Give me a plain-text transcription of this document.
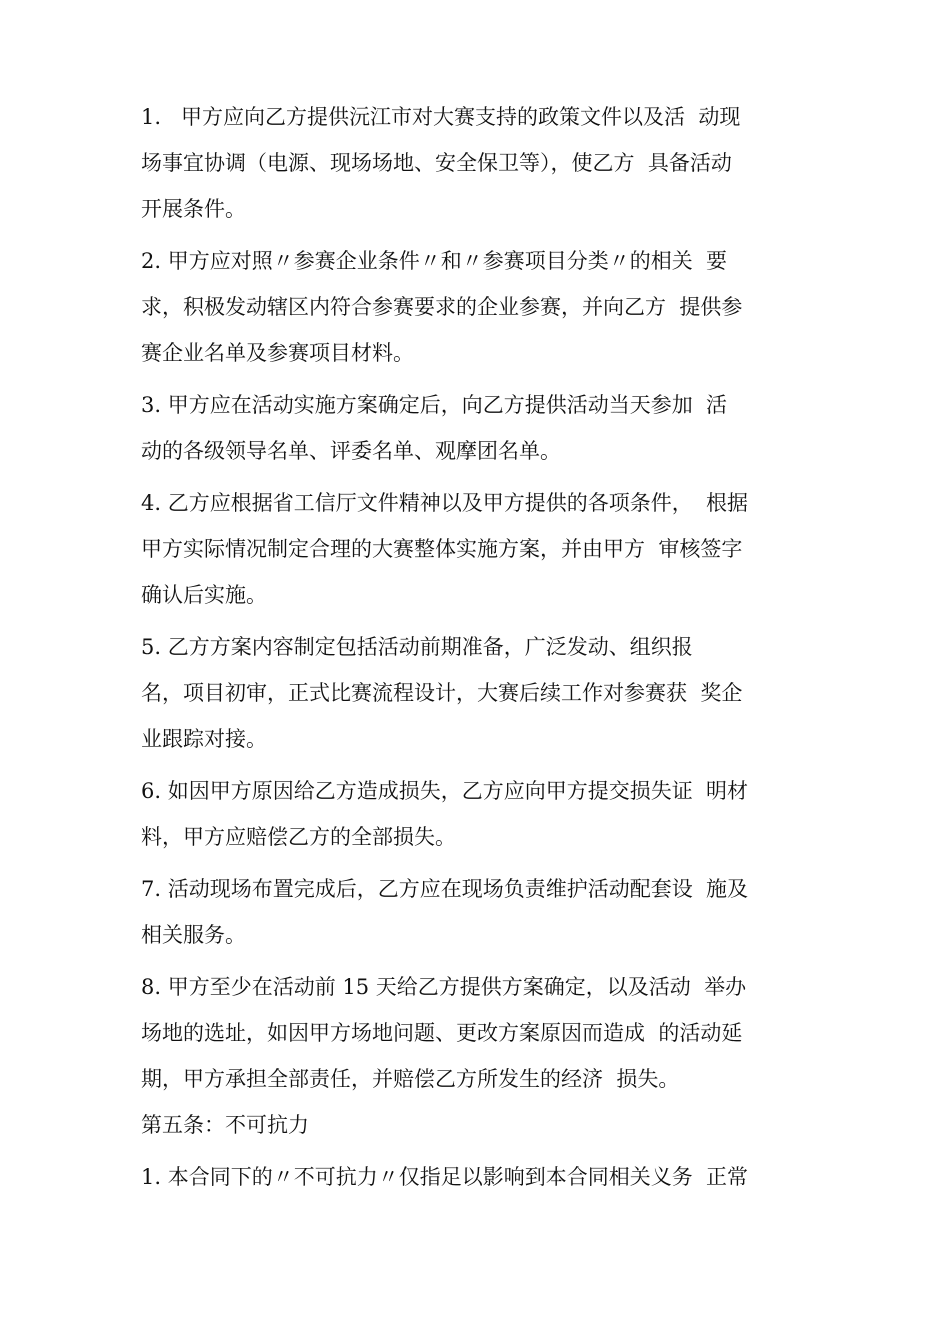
1.   甲方应向乙方提供沅江市对大赛支持的政策文件以及活  动现
场事宜协调（电源、现场场地、安全保卫等），使乙方  具备活动
开展条件。
2. 甲方应对照〃参赛企业条件〃和〃参赛项目分类〃的相关  要
求，积极发动辖区内符合参赛要求的企业参赛，并向乙方  提供参
赛企业名单及参赛项目材料。
3. 甲方应在活动实施方案确定后，向乙方提供活动当天参加  活
动的各级领导名单、评委名单、观摩团名单。
4. 乙方应根据省工信厅文件精神以及甲方提供的各项条件，  根据
甲方实际情况制定合理的大赛整体实施方案，并由甲方  审核签字
确认后实施。
5. 乙方方案内容制定包括活动前期准备，广泛发动、组织报
名，项目初审，正式比赛流程设计，大赛后续工作对参赛获  奖企
业跟踪对接。
6. 如因甲方原因给乙方造成损失，乙方应向甲方提交损失证  明材
料，甲方应赔偿乙方的全部损失。
7. 活动现场布置完成后，乙方应在现场负责维护活动配套设  施及
相关服务。
8. 甲方至少在活动前 15 天给乙方提供方案确定，以及活动  举办
场地的选址，如因甲方场地问题、更改方案原因而造成  的活动延
期，甲方承担全部责任，并赔偿乙方所发生的经济  损失。
第五条：不可抗力
1. 本合同下的〃不可抗力〃仅指足以影响到本合同相关义务  正常
